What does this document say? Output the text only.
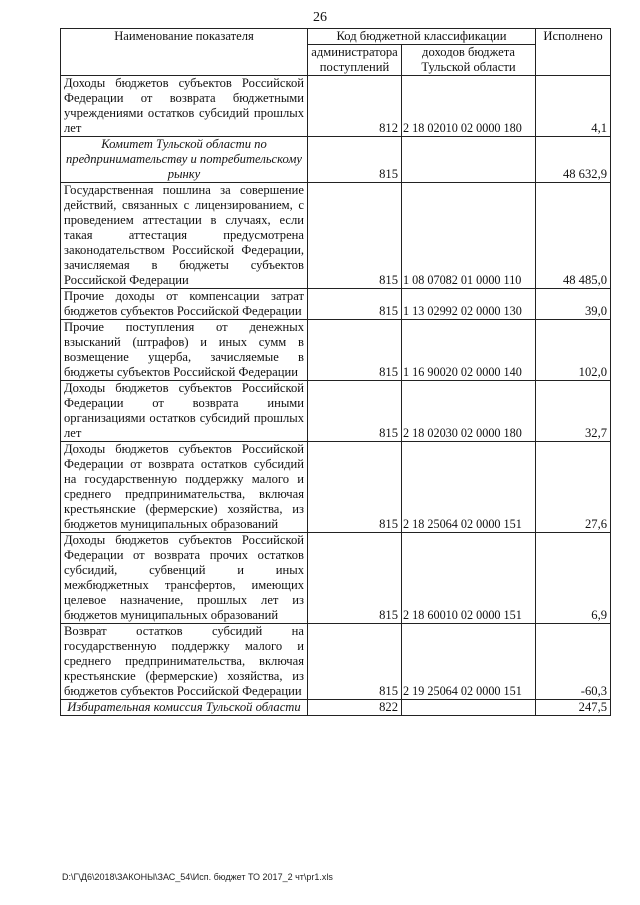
26
Наименование показателя	Код бюджетной классификации		Исполнено
	администратора поступлений	доходов бюджета Тульской области	
Доходы бюджетов субъектов Российской Федерации от возврата бюджетными учреждениями остатков субсидий прошлых лет	812	2 18 02010 02 0000 180	4,1
Комитет Тульской области по предпринимательству и потребительскому рынку	815		48 632,9
Государственная пошлина за совершение действий, связанных с лицензированием, с проведением аттестации в случаях, если такая аттестация предусмотрена законодательством Российской Федерации, зачисляемая в бюджеты субъектов Российской Федерации	815	1 08 07082 01 0000 110	48 485,0
Прочие доходы от компенсации затрат бюджетов субъектов Российской Федерации	815	1 13 02992 02 0000 130	39,0
Прочие поступления от денежных взысканий (штрафов) и иных сумм в возмещение ущерба, зачисляемые в бюджеты субъектов Российской Федерации	815	1 16 90020 02 0000 140	102,0
Доходы бюджетов субъектов Российской Федерации от возврата иными организациями остатков субсидий прошлых лет	815	2 18 02030 02 0000 180	32,7
Доходы бюджетов субъектов Российской Федерации от возврата остатков субсидий на государственную поддержку малого и среднего предпринимательства, включая крестьянские (фермерские) хозяйства, из бюджетов муниципальных образований	815	2 18 25064 02 0000 151	27,6
Доходы бюджетов субъектов Российской Федерации от возврата прочих остатков субсидий, субвенций и иных межбюджетных трансфертов, имеющих целевое назначение, прошлых лет из бюджетов муниципальных образований	815	2 18 60010 02 0000 151	6,9
Возврат остатков субсидий на государственную поддержку малого и среднего предпринимательства, включая крестьянские (фермерские) хозяйства, из бюджетов субъектов Российской Федерации	815	2 19 25064 02 0000 151	-60,3
Избирательная комиссия Тульской области	822		247,5
D:\Г\Д6\2018\ЗАКОНЫ\ЗАС_54\Исп. бюджет ТО 2017_2 чт\pr1.xls
